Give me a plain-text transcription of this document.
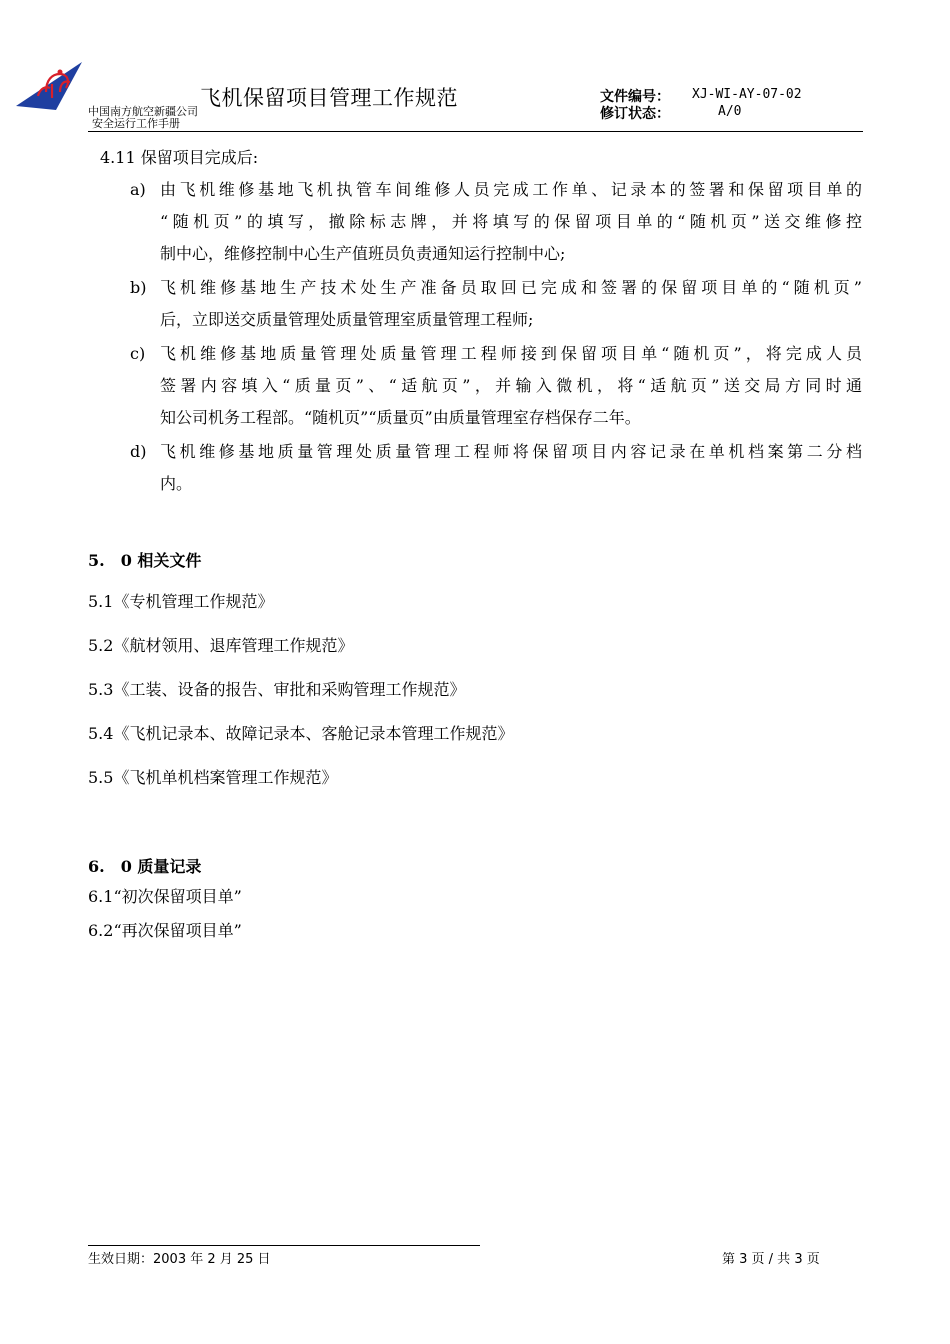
中国南方航空新疆公司
安全运行工作手册
飞机保留项目管理工作规范	文件编号： XJ-WI-AY-07-02
修订状态：	A/0
4.11 保留项目完成后:
a) 由飞机维修基地飞机执管车间维修人员完成工作单、记录本的签署和保留项目单的
“随机页”的填写，撤除标志牌，并将填写的保留项目单的“随机页”送交维修控
制中心，维修控制中心生产值班员负责通知运行控制中心;
b) 飞机维修基地生产技术处生产准备员取回已完成和签署的保留项目单的“随机页”
后，立即送交质量管理处质量管理室质量管理工程师;
c) 飞机维修基地质量管理处质量管理工程师接到保留项目单“随机页”，将完成人员
签署内容填入“质量页”、“适航页”，并输入微机，将“适航页”送交局方同时通
知公司机务工程部。“随机页”“质量页”由质量管理室存档保存二年。
d) 飞机维修基地质量管理处质量管理工程师将保留项目内容记录在单机档案第二分档
内。
5.　0 相关文件
5.1《专机管理工作规范》
5.2《航材领用、退库管理工作规范》
5.3《工装、设备的报告、审批和采购管理工作规范》
5.4《飞机记录本、故障记录本、客舱记录本管理工作规范》
5.5《飞机单机档案管理工作规范》
6.　0 质量记录
6.1“初次保留项目单”
6.2“再次保留项目单”
生效日期：2003 年 2 月 25 日	第 3 页 / 共 3 页
